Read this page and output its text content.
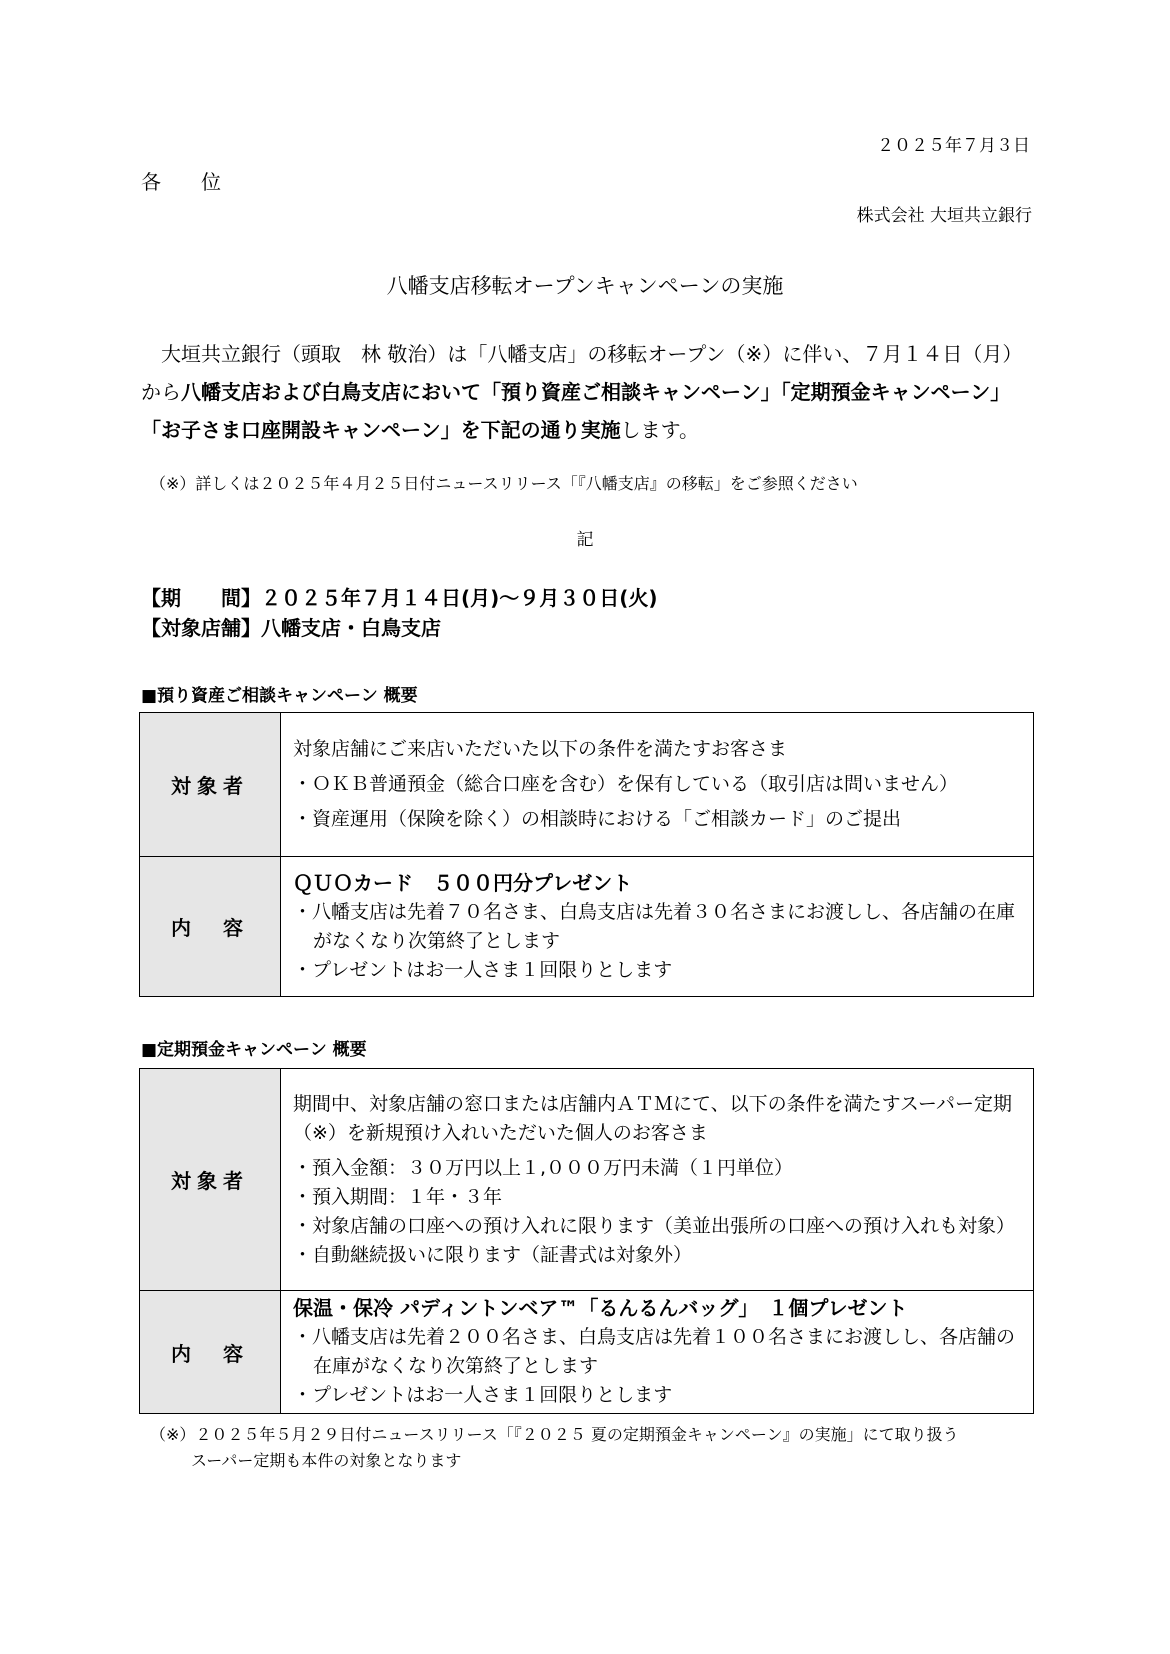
２０２５年７月３日
各　　位
株式会社 大垣共立銀行
八幡支店移転オープンキャンペーンの実施
大垣共立銀行（頭取　林 敬治）は「八幡支店」の移転オープン（※）に伴い、７月１４日（月）
から八幡支店および白鳥支店において「預り資産ご相談キャンペーン」「定期預金キャンペーン」
「お子さま口座開設キャンペーン」を下記の通り実施します。
（※）詳しくは２０２５年４月２５日付ニュースリリース「『八幡支店』の移転」をご参照ください
記
【期　　間】２０２５年７月１４日(月)～９月３０日(火)
【対象店舗】八幡支店・白鳥支店
■預り資産ご相談キャンペーン 概要
対象者	対象店舗にご来店いただいた以下の条件を満たすお客さま
・ＯＫＢ普通預金（総合口座を含む）を保有している（取引店は問いません）
・資産運用（保険を除く）の相談時における「ご相談カード」のご提出

内　容	ＱＵＯカード　５００円分プレゼント
・八幡支店は先着７０名さま、白鳥支店は先着３０名さまにお渡しし、各店舗の在庫がなくなり次第終了とします
・プレゼントはお一人さま１回限りとします
■定期預金キャンペーン 概要
対象者	期間中、対象店舗の窓口または店舗内ＡＴＭにて、以下の条件を満たすスーパー定期（※）を新規預け入れいただいた個人のお客さま
・預入金額：３０万円以上１,０００万円未満（１円単位）
・預入期間：１年・３年
・対象店舗の口座への預け入れに限ります（美並出張所の口座への預け入れも対象）
・自動継続扱いに限ります（証書式は対象外）

内　容	保温・保冷 パディントンベア™「るんるんバッグ」　１個プレゼント
・八幡支店は先着２００名さま、白鳥支店は先着１００名さまにお渡しし、各店舗の在庫がなくなり次第終了とします
・プレゼントはお一人さま１回限りとします
（※）２０２５年５月２９日付ニュースリリース「『２０２５ 夏の定期預金キャンペーン』の実施」にて取り扱う
スーパー定期も本件の対象となります
